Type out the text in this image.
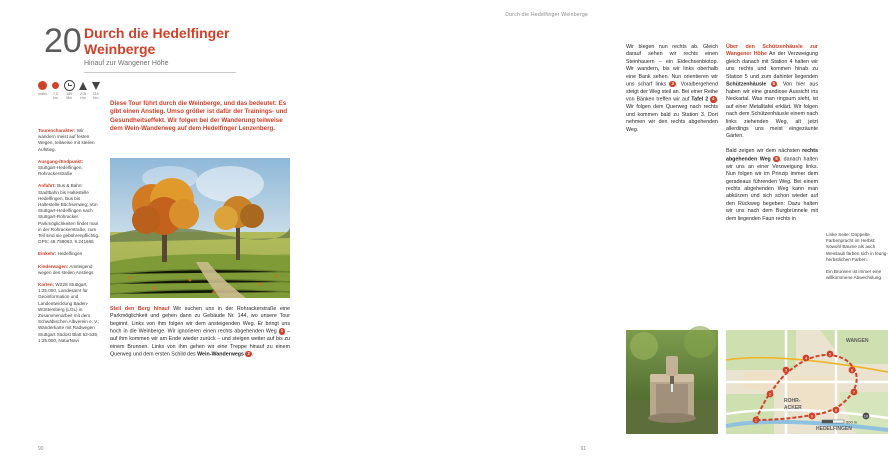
20 Durch die Hedelfinger Weinberge
Hinauf zur Wangener Höhe
mittel	7,5 km
180 Min
215 Hm
215 Hm
Tourencharakter: Wir wandern meist auf festen Wegen, teilweise mit steilen Aufstieg.
Ausgang-/Endpunkt: Stuttgart-Hedelfingen, Rohrackerstraße
Anfahrt: Bus & Bahn: Stadtbahn bis Haltestelle Hedelfingen, Bus bis Haltestelle Büchsenweg; Von Stuttgart-Hedelfingen nach Stuttgart-Rohracker. Parkmöglichkeiten findet man in der Rohrackerstraße, zum Teil sind sie gebührenpflichtig. GPS: 48.758063, 9.241665
Einkehr: Hedelfingen
Kinderwagen: Ansteigend wegen des steilen Anstiegs
Karten: WZ28 Stuttgart, 1:25.000, Landesamt für Geoinformation und Landentwicklung Baden-Württemberg (LGL) in Zusammenarbeit mit dem Schwäbischen Albverein e. V.; Wanderkarte mit Radwegen Stuttgart Südost Blatt 52-539, 1:25.000, NaturNavi
Diese Tour führt durch die Weinberge, und das bedeutet: Es gibt einen Anstieg. Umso größer ist dafür der Trainings- und Gesundheitseffekt. Wir folgen bei der Wanderung teilweise dem Wein-Wanderweg auf dem Hedelfinger Lenzenberg.
Steil den Berg hinauf Wir suchen uns in der Rohrackerstraße eine Parkmöglichkeit und gehen dann zu Gebäude Nr. 144, wo unsere Tour beginnt. Links von ihm folgen wir dem ansteigenden Weg. Er bringt uns hoch in die Weinberge. Wir ignorieren einen rechts abgehenden Weg 1 – auf ihm kommen wir am Ende wieder zurück – und steigen weiter auf bis zu einem Brunnen. Links von ihm gehen wir eine Treppe hinauf zu einem Querweg und dem ersten Schild des Wein-Wanderwegs 2 .
90
Durch die Hedelfinger Weinberge
Wir biegen nun rechts ab. Gleich darauf sehen wir rechts einen Steinhauern – ein Eidechsenbiotop. Wir wandern, bis wir links oberhalb eine Bank sehen. Nun orientieren wir uns scharf links 3 . Voralbergehend steigt der Weg steil an. Bei einer Reihe von Bänken treffen wir auf Tafel 2 4 . Wir folgen dem Querweg nach rechts und kommen bald zu Station 3. Dort nehmen wir den rechts abgehenden Weg.
Über den Schützenhäusle zur Wangener Höhe An der Verzweigung gleich danach mit Station 4 halten wir uns rechts und kommen hinab zu Station 5 und zum dahinter liegenden Schützenhäusle 5 . Von hier aus haben wir eine grandiose Aussicht ins Neckartal. Was man ringsum sieht, ist auf einer Metalltafel erklärt. Wir folgen nach dem Schützenhäusle einem nach links ziehenden Weg, alt jetzt allerdings uns meist eingezäunte Gärten.

Bald zeigen wir dem nächsten rechts abgehenden Weg 6 , danach halten wir uns an einer Verzweigung links. Nun folgen wir im Prinzip immer dem geradeaus führenden Weg. Bei einem rechts abgehenden Weg kann man abkürzen und sich schon wieder auf den Rückweg begeben: Dazu halten wir uns nach dem Burgbrünnele mit dem liegenden Faun rechts in

Linke Seite: Doppelte Farbenpracht im Herbst: Sowohl Bäume als auch Weinlaub färben sich in feurig-herbstlichen Farben.

Ein Brunnen ist immer eine willkommene Abwechslung.

1
2
3
4
5
6
7
8
9	10
WANGEN
ROHR-
ACKER
HEDELFINGEN
500 m
91
